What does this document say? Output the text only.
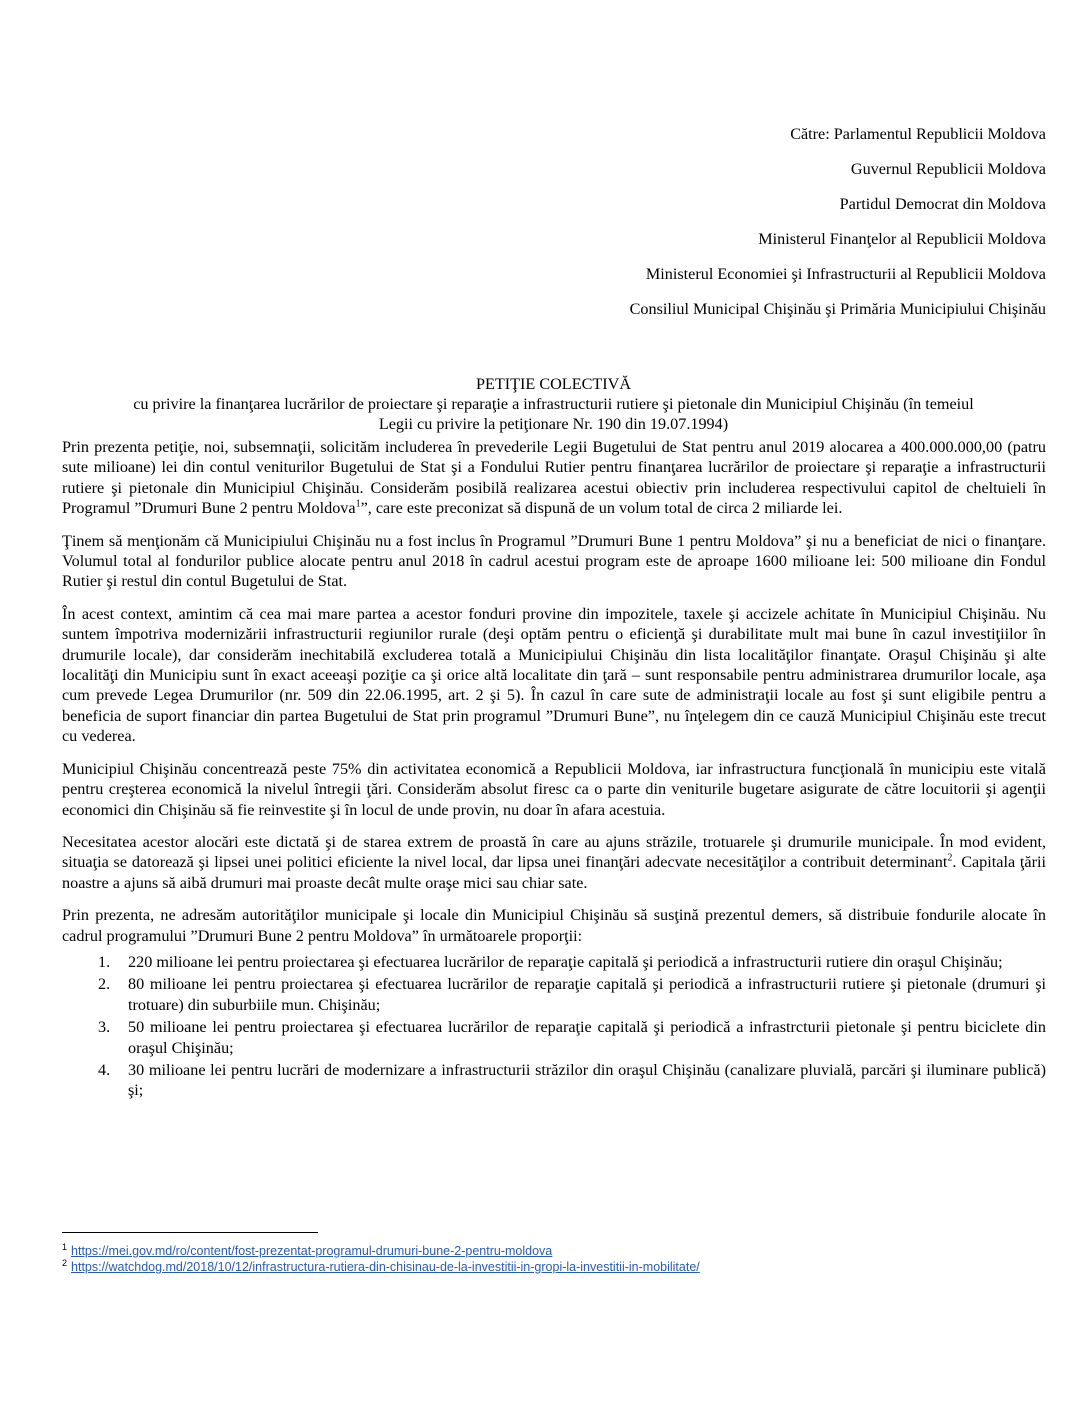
Către: Parlamentul Republicii Moldova
Guvernul Republicii Moldova
Partidul Democrat din Moldova
Ministerul Finanţelor al Republicii Moldova
Ministerul Economiei şi Infrastructurii al Republicii Moldova
Consiliul Municipal Chişinău şi Primăria Municipiului Chişinău
PETIŢIE COLECTIVĂ
cu privire la finanţarea lucrărilor de proiectare şi reparaţie a infrastructurii rutiere şi pietonale din Municipiul Chişinău (în temeiul
Legii cu privire la petiţionare Nr. 190 din 19.07.1994)

Prin prezenta petiţie, noi, subsemnaţii, solicităm includerea în prevederile Legii Bugetului de Stat pentru anul 2019 alocarea a 400.000.000,00 (patru sute milioane) lei din contul veniturilor Bugetului de Stat şi a Fondului Rutier pentru finanţarea lucrărilor de proiectare şi reparaţie a infrastructurii rutiere şi pietonale din Municipiul Chişinău. Considerăm posibilă realizarea acestui obiectiv prin includerea respectivului capitol de cheltuieli în Programul ”Drumuri Bune 2 pentru Moldova$^1$”, care este preconizat să dispună de un volum total de circa 2 miliarde lei.

Ţinem să menţionăm că Municipiului Chişinău nu a fost inclus în Programul ”Drumuri Bune 1 pentru Moldova” şi nu a beneficiat de nici o finanţare. Volumul total al fondurilor publice alocate pentru anul 2018 în cadrul acestui program este de aproape 1600 milioane lei: 500 milioane din Fondul Rutier şi restul din contul Bugetului de Stat.

În acest context, amintim că cea mai mare partea a acestor fonduri provine din impozitele, taxele şi accizele achitate în Municipiul Chişinău. Nu suntem împotriva modernizării infrastructurii regiunilor rurale (deşi optăm pentru o eficienţă şi durabilitate mult mai bune în cazul investiţiilor în drumurile locale), dar considerăm inechitabilă excluderea totală a Municipiului Chişinău din lista localităţilor finanţate. Oraşul Chişinău şi alte localităţi din Municipiu sunt în exact aceeaşi poziţie ca şi orice altă localitate din ţară – sunt responsabile pentru administrarea drumurilor locale, aşa cum prevede Legea Drumurilor (nr. 509 din 22.06.1995, art. 2 şi 5). În cazul în care sute de administraţii locale au fost şi sunt eligibile pentru a beneficia de suport financiar din partea Bugetului de Stat prin programul ”Drumuri Bune”, nu înţelegem din ce cauză Municipiul Chişinău este trecut cu vederea.

Municipiul Chişinău concentrează peste 75% din activitatea economică a Republicii Moldova, iar infrastructura funcţională în municipiu este vitală pentru creşterea economică la nivelul întregii ţări. Considerăm absolut firesc ca o parte din veniturile bugetare asigurate de către locuitorii şi agenţii economici din Chişinău să fie reinvestite şi în locul de unde provin, nu doar în afara acestuia.

Necesitatea acestor alocări este dictată şi de starea extrem de proastă în care au ajuns străzile, trotuarele şi drumurile municipale. În mod evident, situaţia se datorează şi lipsei unei politici eficiente la nivel local, dar lipsa unei finanţări adecvate necesităţilor a contribuit determinant$^2$. Capitala ţării noastre a ajuns să aibă drumuri mai proaste decât multe oraşe mici sau chiar sate.

Prin prezenta, ne adresăm autorităţilor municipale şi locale din Municipiul Chişinău să susţină prezentul demers, să distribuie fondurile alocate în cadrul programului ”Drumuri Bune 2 pentru Moldova” în următoarele proporţii:

1. 220 milioane lei pentru proiectarea şi efectuarea lucrărilor de reparaţie capitală şi periodică a infrastructurii rutiere din oraşul Chişinău;
2. 80 milioane lei pentru proiectarea şi efectuarea lucrărilor de reparaţie capitală şi periodică a infrastructurii rutiere şi pietonale (drumuri şi trotuare) din suburbiile mun. Chişinău;
3. 50 milioane lei pentru proiectarea şi efectuarea lucrărilor de reparaţie capitală şi periodică a infrastrcturii pietonale şi pentru biciclete din oraşul Chişinău;
4. 30 milioane lei pentru lucrări de modernizare a infrastructurii străzilor din oraşul Chişinău (canalizare pluvială, parcări şi iluminare publică) şi;
$^1$ https://mei.gov.md/ro/content/fost-prezentat-programul-drumuri-bune-2-pentru-moldova
$^2$ https://watchdog.md/2018/10/12/infrastructura-rutiera-din-chisinau-de-la-investitii-in-gropi-la-investitii-in-mobilitate/
